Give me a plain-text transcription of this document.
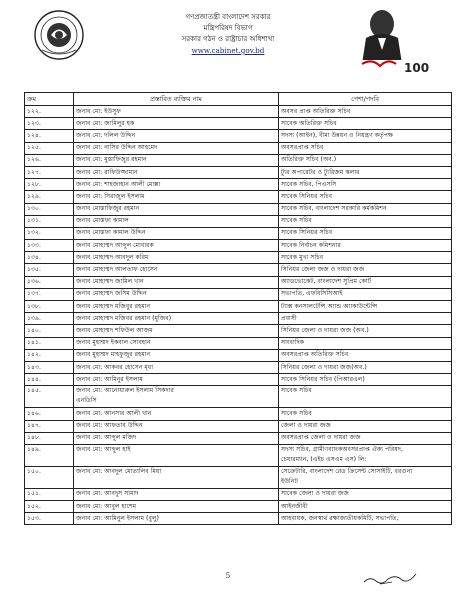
গণপ্রজাতন্ত্রী বাংলাদেশ সরকার
মন্ত্রিপরিষদ বিভাগ
সরকার গঠন ও রাষ্ট্রাচার অধিশাখা
www.cabinet.gov.bd
100
ক্রম	প্রস্তাবিত ব্যক্তির নাম	পেশা/পদবি
১২২.	জনাব মো: ইউসুফ	অবসর প্রাপ্ত অতিরিক্ত সচিব
১২৩.	জনাব মো: জামিলুর হক	সাবেক অতিরিক্ত সচিব
১২৪.	জনাব মো: দলিল উদ্দিন	সদস্য (আইন), বীমা উন্নয়ন ও নিয়ন্ত্রণ কর্তৃপক্ষ
১২৫.	জনাব মো: নাসির উদ্দিন আহমেদ	অবসরপ্রাপ্ত সচিব
১২৬.	জনাব মো: মুস্তাফিজুর রহমান	অতিরিক্ত সচিব (অব.)
১২৭.	জনাব মো: রাফিউজ্জামান	ট্যুর অপারেটর ও ট্যুরিজম স্কলার
১২৮.	জনাব মো: শাহজাহান আলী মোল্লা	সাবেক সচিব, পিএসসি
১২৯.	জনাব মো: সিরাজুল ইসলাম	সাবেক সিনিয়র সচিব
১৩০.	জনাব মোস্তাফিজুর রহমান	সাবেক সচিব, বাংলাদেশ সরকারি কর্মকমিশন
১৩১.	জনাব মোস্তফা কামাল	সাবেক সচিব
১৩২.	জনাব মোস্তফা কামাল উদ্দিন	সাবেক সিনিয়র সচিব
১৩৩.	জনাব মোহাম্মদ আব্দুল মোবারক	সাবেক নির্বাচন কমিশনার
১৩৪.	জনাব মোহাম্মদ আবদুল করিম	সাবেক মুখ্য সচিব
১৩৫.	জনাব মোহাম্মদ আলতাফ হোসেন	সিনিয়র জেলা জজ ও দায়রা জজ
১৩৬.	জনাব মোহাম্মদ জামিল খান	অ্যাডভোকেট, বাংলাদেশ সুপ্রিম কোর্ট
১৩৭.	জনাব মোহাম্মদ জসিম উদ্দিন	সভাপতি, এফবিসিসিআই
১৩৮.	জনাব মোহাম্মদ মজিবুর রহমান	ট্যাক্স কনসালটেন্সি অ্যান্ড অ্যাকাউন্টেন্সি
১৩৯.	জনাব মোহাম্মদ মজিবর রহমান (মুজিব)	প্রবাসী
১৪০.	জনাব মোহাম্মদ শফিউল আজম	সিনিয়র জেলা ও দায়রা জজ (অব.)
১৪১.	জনাব মুহাম্মদ ইকবাল সোবহান	সাংবাদিক
১৪২.	জনাব মুহাম্মদ মাহফুজুর রহমান	অবসরপ্রাপ্ত অতিরিক্ত সচিব
১৪৩.	জনাব মো: আকবর হোসেন মৃধা	সিনিয়র জেলা ও দায়রা জজ(অব.)
১৪৪.	জনাব মো: আমিনুর ইসলাম	সাবেক সিনিয়র সচিব (পিআরএল)
১৪৫.	জনাব মো: আনোয়ারুল ইসলাম সিকদার
এনডিসি	সাবেক সচিব
১৪৬.	জনাব মো: আনসার আলী খান	সাবেক সচিব
১৪৭.	জনাব মো: আফতাব উদ্দিন	জেলা ও দায়রা জজ
১৪৮.	জনাব মো: আব্দুল মজিদ	অবসরপ্রাপ্ত জেলা ও দায়রা জজ
১৪৯.	জনাব মো: আব্দুল হাই	সদস্য সচিব, গ্রামীণব্যাংকঅবসরপ্রাপ্ত ঐক্য পরিষদ,
চেয়ারম্যান, (এইচ এসএম এস) লি:

১৫০.	জনাব মো: আবদুল মোতালিব মিয়া	সেক্রেটারি, বাংলাদেশ রেড ক্রিসেন্ট সোসাইটি, বরগুনা
ইউনিট

১৫১.	জনাব মো: আবদুস সামাদ	সাবেক জেলা ও দায়রা জজ
১৫২.	জনাব মো: আবুল হাশেম	আইনজীবী
১৫৩.	জনাব মো: আমিনুল ইসলাম (বুলু)	আহবায়ক, জনস্বার্থ রক্ষাজাতীয়কমিটি, সভাপতি,
5
